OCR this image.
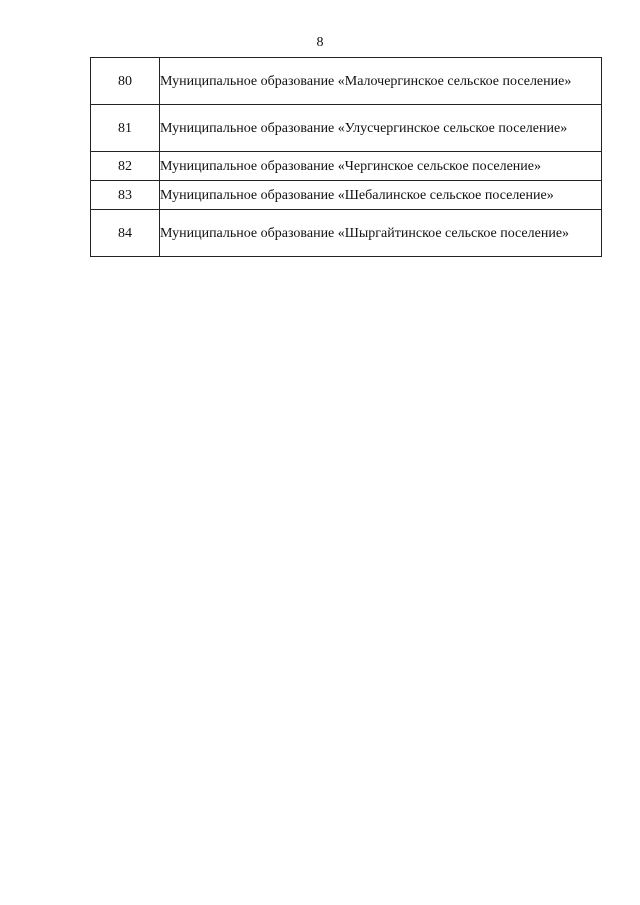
8
80	Муниципальное образование «Малочергинское сельское поселение»
81	Муниципальное образование «Улусчергинское сельское поселение»
82	Муниципальное образование «Чергинское сельское поселение»
83	Муниципальное образование «Шебалинское сельское поселение»
84	Муниципальное образование «Шыргайтинское сельское поселение»
